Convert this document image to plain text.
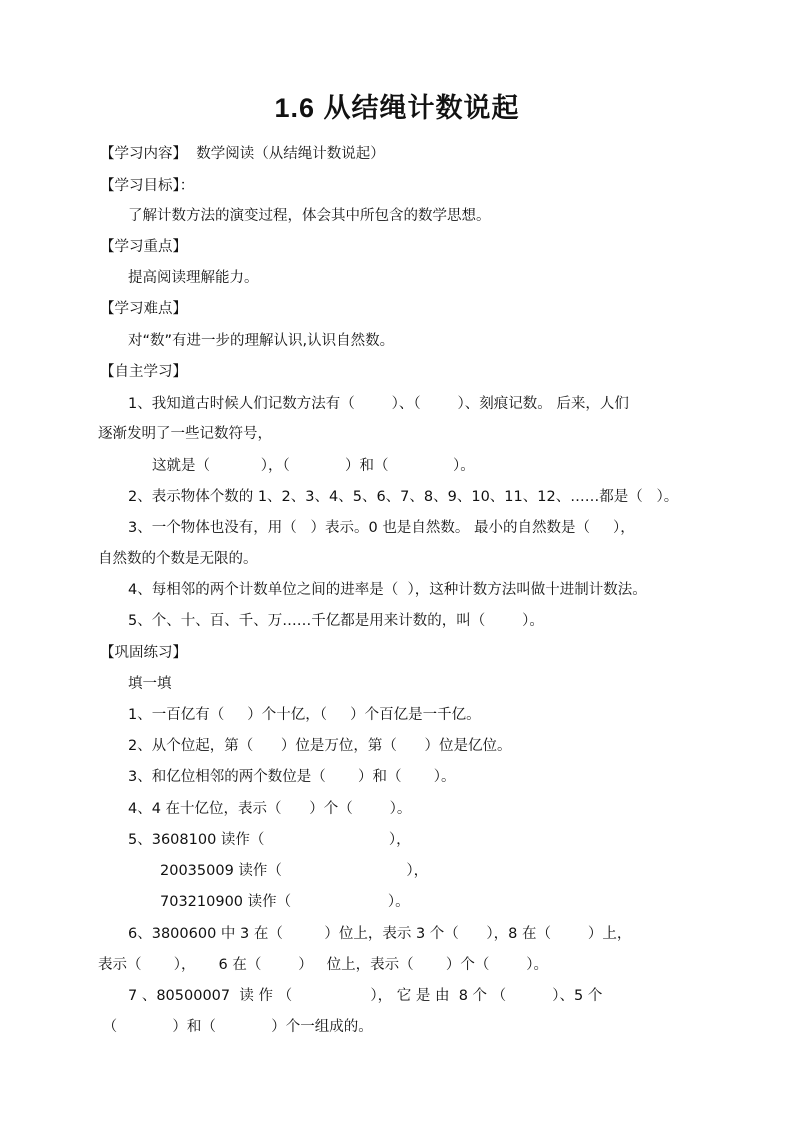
1.6 从结绳计数说起
【学习内容】  数学阅读（从结绳计数说起）
【学习目标】：
了解计数方法的演变过程，体会其中所包含的数学思想。
【学习重点】
提高阅读理解能力。
【学习难点】
对“数”有进一步的理解认识,认识自然数。
【自主学习】
1、我知道古时候人们记数方法有（        ）、（        ）、刻痕记数。 后来，人们
逐渐发明了一些记数符号，
这就是（           ），（            ）和（              ）。
2、表示物体个数的 1、2、3、4、5、6、7、8、9、10、11、12、……都是（   ）。
3、一个物体也没有，用（   ）表示。0 也是自然数。 最小的自然数是（     ），
自然数的个数是无限的。
4、每相邻的两个计数单位之间的进率是（  ），这种计数方法叫做十进制计数法。
5、个、十、百、千、万……千亿都是用来计数的，叫（        ）。
【巩固练习】
填一填
1、一百亿有（     ）个十亿，（     ）个百亿是一千亿。
2、从个位起，第（      ）位是万位，第（      ）位是亿位。
3、和亿位相邻的两个数位是（       ）和（       ）。
4、4 在十亿位，表示（      ）个（        ）。
5、3608100 读作（                           ），
20035009 读作（                           ），
703210900 读作（                     ）。
6、3800600 中 3 在（         ）位上，表示 3 个（      ），8 在（        ）上，
表示（       ），     6 在（        ）   位上，表示（       ）个（        ）。
7 、80500007  读 作 （                 ）， 它 是 由  8 个 （          ）、5 个
（            ）和（            ）个一组成的。
